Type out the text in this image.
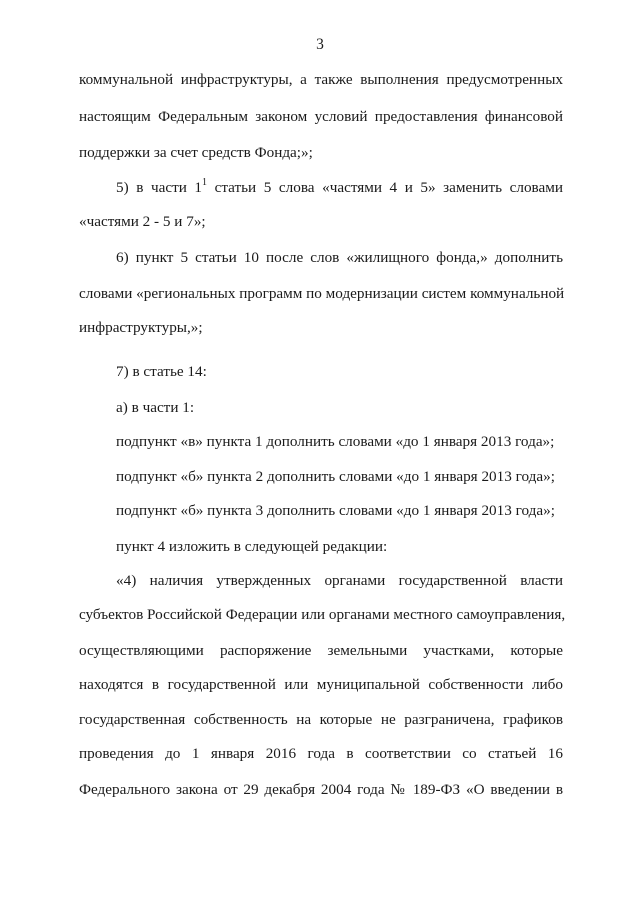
3
коммунальной инфраструктуры, а также выполнения предусмотренных
настоящим Федеральным законом условий предоставления финансовой
поддержки за счет средств Фонда;»;
5) в части $1^1$ статьи 5 слова «частями 4 и 5» заменить словами
«частями 2 - 5 и 7»;
6) пункт 5 статьи 10 после слов «жилищного фонда,» дополнить
словами «региональных программ по модернизации систем коммунальной
инфраструктуры,»;
7) в статье 14:
а) в части 1:
подпункт «в» пункта 1 дополнить словами «до 1 января 2013 года»;
подпункт «б» пункта 2 дополнить словами «до 1 января 2013 года»;
подпункт «б» пункта 3 дополнить словами «до 1 января 2013 года»;
пункт 4 изложить в следующей редакции:
«4) наличия утвержденных органами государственной власти
субъектов Российской Федерации или органами местного самоуправления,
осуществляющими распоряжение земельными участками, которые
находятся в государственной или муниципальной собственности либо
государственная собственность на которые не разграничена, графиков
проведения до 1 января 2016 года в соответствии со статьей 16
Федерального закона от 29 декабря 2004 года № 189-ФЗ «О введении в
